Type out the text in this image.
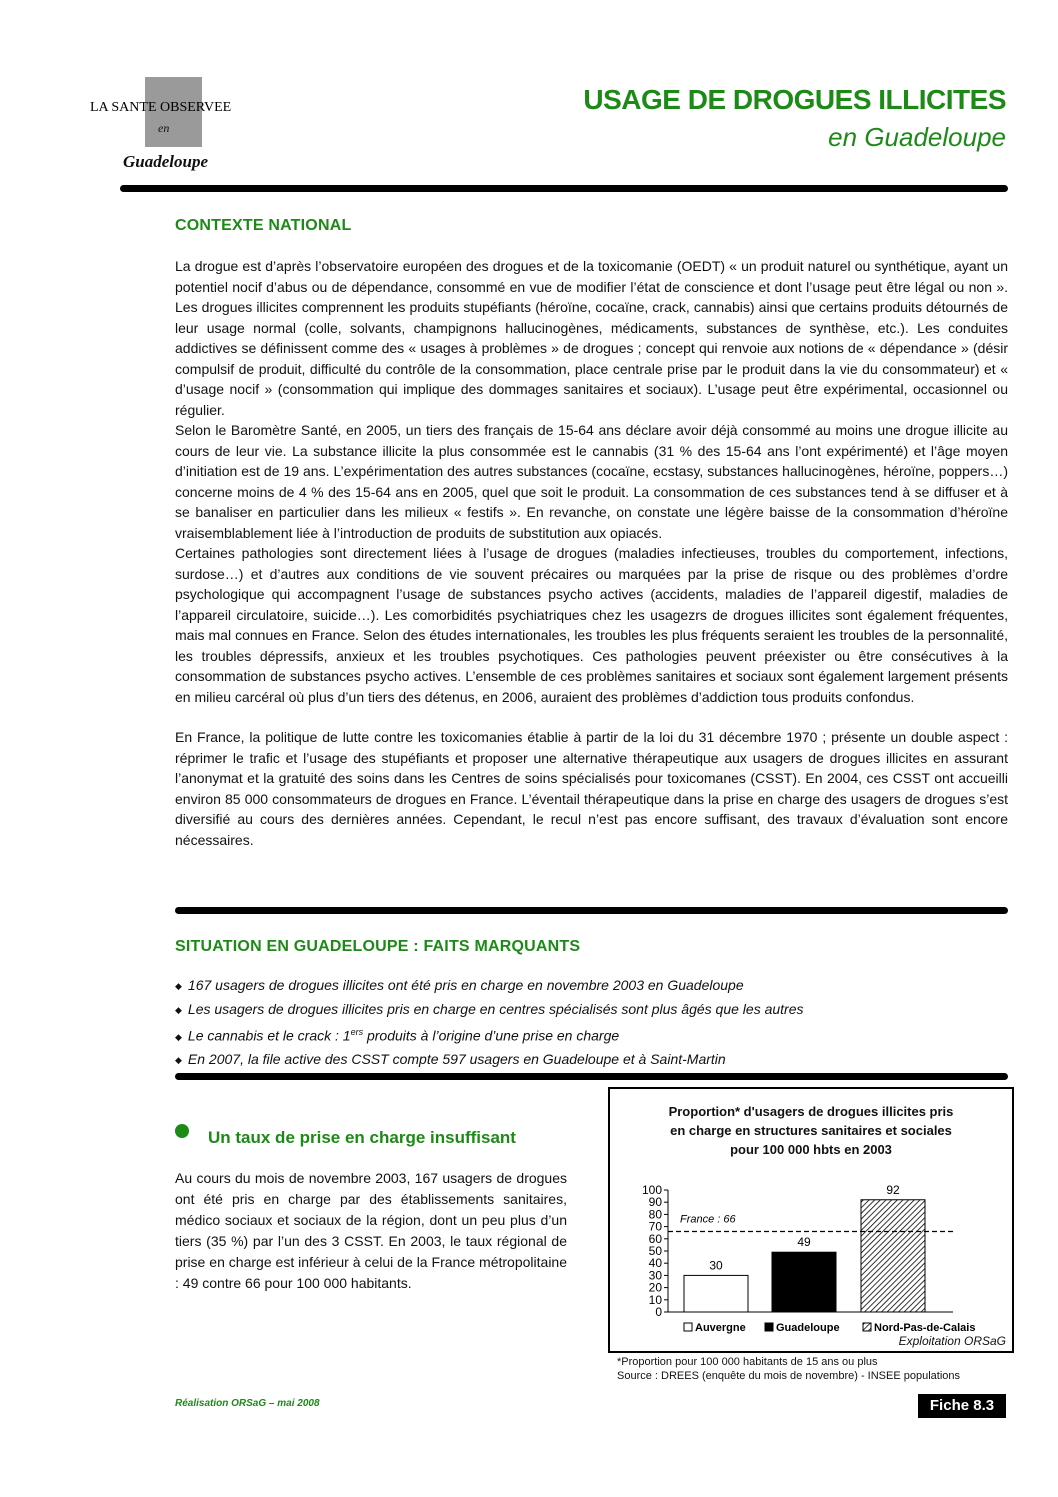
LA SANTE OBSERVEE
en
Guadeloupe
USAGE DE DROGUES ILLICITES
en Guadeloupe
CONTEXTE NATIONAL

La drogue est d’après l’observatoire européen des drogues et de la toxicomanie (OEDT) « un produit naturel ou synthétique, ayant un potentiel nocif d’abus ou de dépendance, consommé en vue de modifier l’état de conscience et dont l’usage peut être légal ou non ». Les drogues illicites comprennent les produits stupéfiants (héroïne, cocaïne, crack, cannabis) ainsi que certains produits détournés de leur usage normal (colle, solvants, champignons hallucinogènes, médicaments, substances de synthèse, etc.). Les conduites addictives se définissent comme des « usages à problèmes » de drogues ; concept qui renvoie aux notions de « dépendance » (désir compulsif de produit, difficulté du contrôle de la consommation, place centrale prise par le produit dans la vie du consommateur) et « d’usage nocif » (consommation qui implique des dommages sanitaires et sociaux). L’usage peut être expérimental, occasionnel ou régulier.

Selon le Baromètre Santé, en 2005, un tiers des français de 15-64 ans déclare avoir déjà consommé au moins une drogue illicite au cours de leur vie. La substance illicite la plus consommée est le cannabis (31 % des 15-64 ans l’ont expérimenté) et l’âge moyen d’initiation est de 19 ans. L’expérimentation des autres substances (cocaïne, ecstasy, substances hallucinogènes, héroïne, poppers…) concerne moins de 4 % des 15-64 ans en 2005, quel que soit le produit. La consommation de ces substances tend à se diffuser et à se banaliser en particulier dans les milieux « festifs ». En revanche, on constate une légère baisse de la consommation d’héroïne vraisemblablement liée à l’introduction de produits de substitution aux opiacés.

Certaines pathologies sont directement liées à l’usage de drogues (maladies infectieuses, troubles du comportement, infections, surdose…) et d’autres aux conditions de vie souvent précaires ou marquées par la prise de risque ou des problèmes d’ordre psychologique qui accompagnent l’usage de substances psycho actives (accidents, maladies de l’appareil digestif, maladies de l’appareil circulatoire, suicide…). Les comorbidités psychiatriques chez les usagezrs de drogues illicites sont également fréquentes, mais mal connues en France. Selon des études internationales, les troubles les plus fréquents seraient les troubles de la personnalité, les troubles dépressifs, anxieux et les troubles psychotiques. Ces pathologies peuvent préexister ou être consécutives à la consommation de substances psycho actives. L’ensemble de ces problèmes sanitaires et sociaux sont également largement présents en milieu carcéral où plus d’un tiers des détenus, en 2006, auraient des problèmes d’addiction tous produits confondus.

En France, la politique de lutte contre les toxicomanies établie à partir de la loi du 31 décembre 1970 ; présente un double aspect : réprimer le trafic et l’usage des stupéfiants et proposer une alternative thérapeutique aux usagers de drogues illicites en assurant l’anonymat et la gratuité des soins dans les Centres de soins spécialisés pour toxicomanes (CSST). En 2004, ces CSST ont accueilli environ 85 000 consommateurs de drogues en France. L’éventail thérapeutique dans la prise en charge des usagers de drogues s’est diversifié au cours des dernières années. Cependant, le recul n’est pas encore suffisant, des travaux d’évaluation sont encore nécessaires.

SITUATION EN GUADELOUPE : FAITS MARQUANTS
◆ 167 usagers de drogues illicites ont été pris en charge en novembre 2003 en Guadeloupe
◆ Les usagers de drogues illicites pris en charge en centres spécialisés sont plus âgés que les autres
◆ Le cannabis et le crack : 1ers produits à l’origine d’une prise en charge
◆ En 2007, la file active des CSST compte 597 usagers en Guadeloupe et à Saint-Martin
Un taux de prise en charge insuffisant
Au cours du mois de novembre 2003, 167 usagers de drogues ont été pris en charge par des établissements sanitaires, médico sociaux et sociaux de la région, dont un peu plus d’un tiers (35 %) par l’un des 3 CSST. En 2003, le taux régional de prise en charge est inférieur à celui de la France métropolitaine : 49 contre 66 pour 100 000 habitants.
Proportion* d'usagers de drogues illicites pris
en charge en structures sanitaires et sociales
pour 100 000 hbts en 2003
0
10
20
30
40
50
60
70
80
90
100
30
49
92
France : 66
Auvergne	Guadeloupe	Nord-Pas-de-Calais
Exploitation ORSaG
*Proportion pour 100 000 habitants de 15 ans ou plus
Source : DREES (enquête du mois de novembre) - INSEE populations
Réalisation ORSaG – mai 2008	Fiche 8.3
